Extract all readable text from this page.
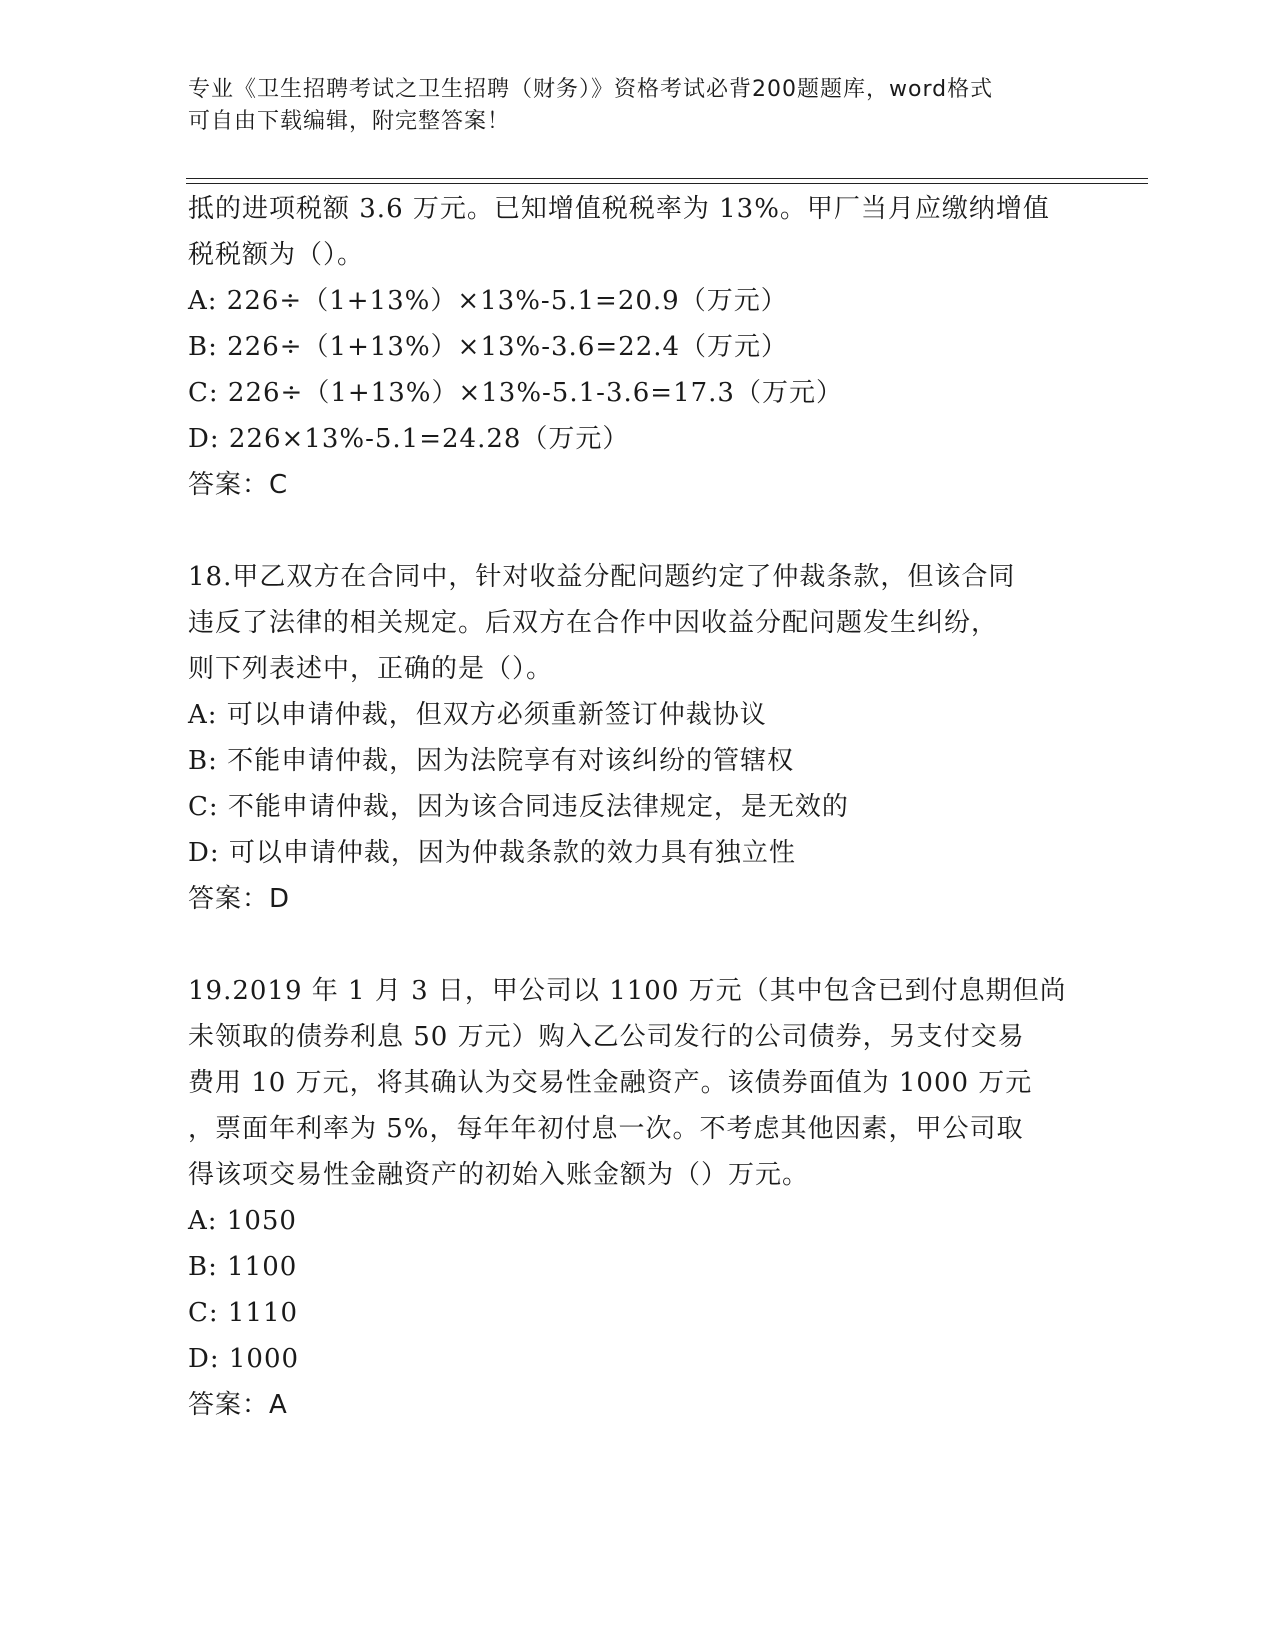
专业《卫生招聘考试之卫生招聘（财务）》资格考试必背200题题库，word格式
可自由下载编辑，附完整答案！
抵的进项税额 3.6 万元。已知增值税税率为 13%。甲厂当月应缴纳增值
税税额为（）。
A: 226÷（1+13%）×13%-5.1=20.9（万元）
B: 226÷（1+13%）×13%-3.6=22.4（万元）
C: 226÷（1+13%）×13%-5.1-3.6=17.3（万元）
D: 226×13%-5.1=24.28（万元）
答案：C
18.甲乙双方在合同中，针对收益分配问题约定了仲裁条款，但该合同
违反了法律的相关规定。后双方在合作中因收益分配问题发生纠纷，
则下列表述中，正确的是（）。
A: 可以申请仲裁，但双方必须重新签订仲裁协议
B: 不能申请仲裁，因为法院享有对该纠纷的管辖权
C: 不能申请仲裁，因为该合同违反法律规定，是无效的
D: 可以申请仲裁，因为仲裁条款的效力具有独立性
答案：D
19.2019 年 1 月 3 日，甲公司以 1100 万元（其中包含已到付息期但尚
未领取的债券利息 50 万元）购入乙公司发行的公司债券，另支付交易
费用 10 万元，将其确认为交易性金融资产。该债券面值为 1000 万元
，票面年利率为 5%，每年年初付息一次。不考虑其他因素，甲公司取
得该项交易性金融资产的初始入账金额为（）万元。
A: 1050
B: 1100
C: 1110
D: 1000
答案：A
